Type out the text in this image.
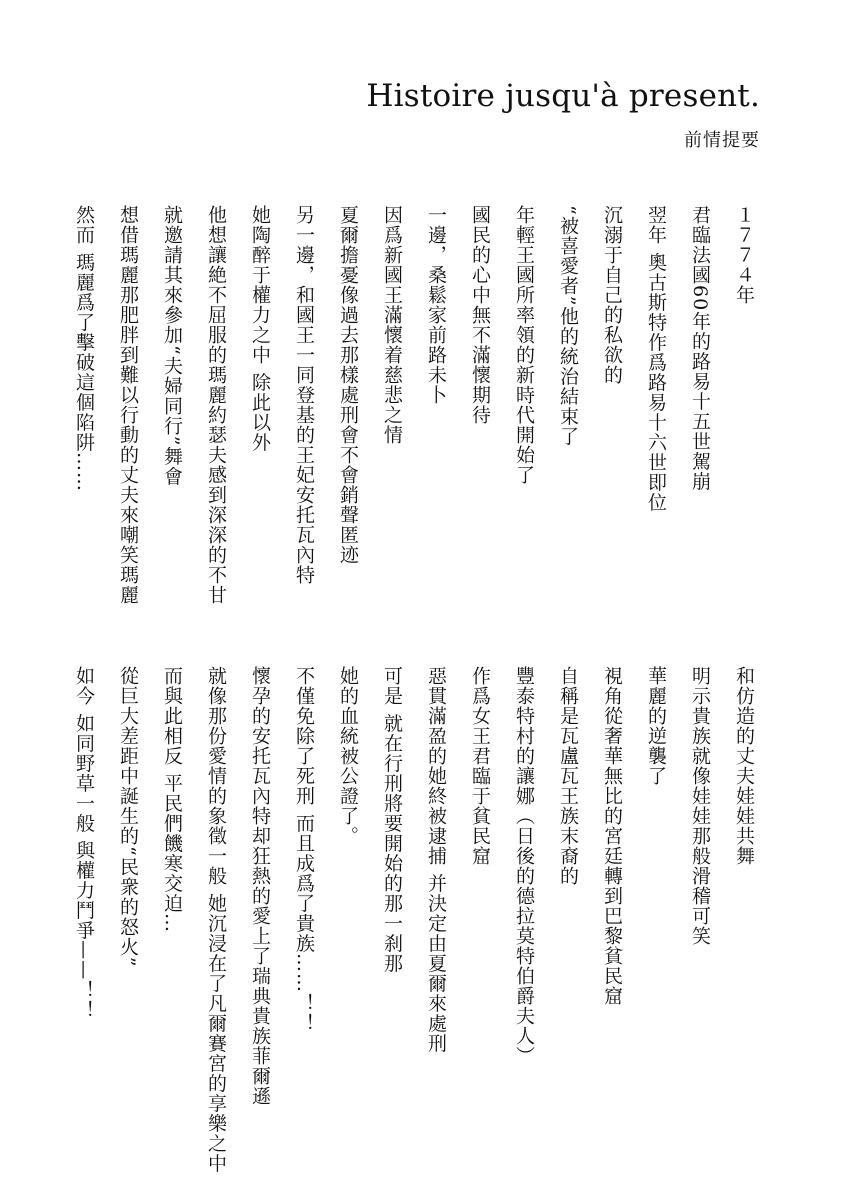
Histoire jusqu'à present.
前情提要
１７７４年
君臨法國60年的路易十五世駕崩
翌年 奧古斯特作爲路易十六世即位
沉溺于自己的私欲的
“被喜愛者”他的統治結束了
年輕王國所率領的新時代開始了
國民的心中無不滿懷期待
一邊，桑鬆家前路未卜
因爲新國王滿懷着慈悲之情
夏爾擔憂像過去那樣處刑會不會銷聲匿迹
另一邊，和國王一同登基的王妃安托瓦內特
她陶醉于權力之中 除此以外
他想讓絶不屈服的瑪麗約瑟夫感到深深的不甘
就邀請其來參加“夫婦同行”舞會
想借瑪麗那肥胖到難以行動的丈夫來嘲笑瑪麗
然而 瑪麗爲了擊破這個陷阱……
和仿造的丈夫娃娃共舞
明示貴族就像娃娃那般滑稽可笑
華麗的逆襲了
視角從奢華無比的宮廷轉到巴黎貧民窟
自稱是瓦盧瓦王族末裔的
豐泰特村的讓娜（日後的德拉莫特伯爵夫人）
作爲女王君臨于貧民窟
惡貫滿盈的她終被逮捕 并決定由夏爾來處刑
可是 就在行刑將要開始的那一刹那
她的血統被公證了。
不僅免除了死刑 而且成爲了貴族……！！
懷孕的安托瓦內特却狂熱的愛上了瑞典貴族菲爾遜
就像那份愛情的象徵一般 她沉浸在了凡爾賽宮的享樂之中
而與此相反 平民們饑寒交迫…
從巨大差距中誕生的“民衆的怒火”
如今 如同野草一般 與權力鬥爭——！！
